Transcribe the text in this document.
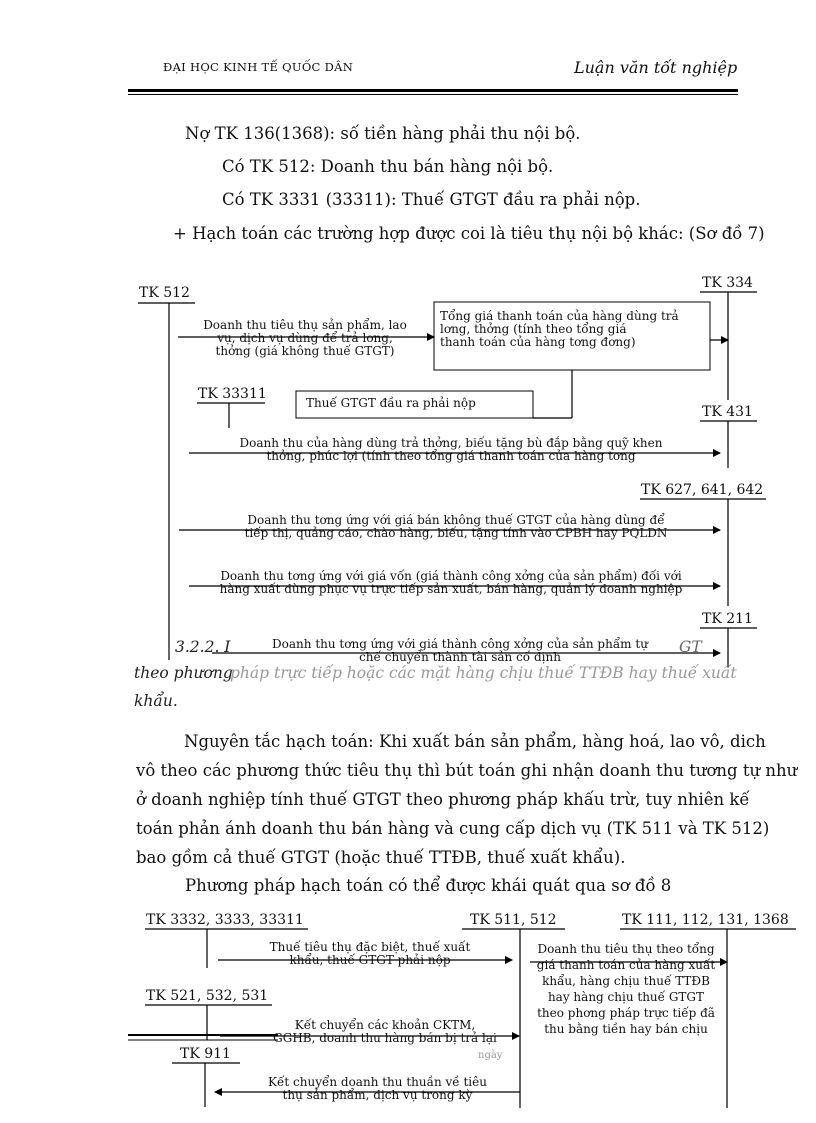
ĐẠI HỌC KINH TẾ QUỐC DÂN	Luận văn tốt nghiệp
Nợ TK 136(1368): số tiền hàng phải thu nội bộ.
Có TK 512: Doanh thu bán hàng nội bộ.
Có TK 3331 (33311): Thuế GTGT đầu ra phải nộp.
+ Hạch toán các trường hợp được coi là tiêu thụ nội bộ khác: (Sơ đồ 7)
TK 512
TK 334
TK 33311
TK 431
TK 627, 641, 642
TK 211
Doanh thu tiêu thụ sản phẩm, lao
vụ, dịch vụ dùng để trả lơng,
thởng (giá không thuế GTGT)
Tổng giá thanh toán của hàng dùng trả
lơng, thởng (tính theo tổng giá
thanh toán của hàng tơng đơng)
Thuế GTGT đầu ra phải nộp
Doanh thu của hàng dùng trả thởng, biếu tặng bù đắp bằng quỹ khen
thởng, phúc lợi (tính theo tổng giá thanh toán của hàng tơng
Doanh thu tơng ứng với giá bán không thuế GTGT của hàng dùng để
tiếp thị, quảng cáo, chào hàng, biếu, tặng tính vào CPBH hay PQLDN
Doanh thu tơng ứng với giá vốn (giá thành công xởng của sản phẩm) đối với
hàng xuất dùng phục vụ trực tiếp sản xuất, bán hàng, quản lý doanh nghiệp
Doanh thu tơng ứng với giá thành công xởng của sản phẩm tự
chế chuyển thành tài sản cố định
3.2.2. I	GT
theo phương
pháp trực tiếp hoặc các mặt hàng chịu thuế TTĐB hay thuế xuất
khẩu.
Nguyên tắc hạch toán: Khi xuất bán sản phẩm, hàng hoá, lao vô, dich
vô theo các phương thức tiêu thụ thì bút toán ghi nhận doanh thu tương tự như
ở doanh nghiệp tính thuế GTGT theo phương pháp khấu trừ, tuy nhiên kế
toán phản ánh doanh thu bán hàng và cung cấp dịch vụ (TK 511 và TK 512)
bao gồm cả thuế GTGT (hoặc thuế TTĐB, thuế xuất khẩu).
Phương pháp hạch toán có thể được khái quát qua sơ đồ 8
TK 3332, 3333, 33311	TK 511, 512	TK 111, 112, 131, 1368
TK 521, 532, 531
TK 911
Thuế tiêu thụ đặc biệt, thuế xuất
khẩu, thuế GTGT phải nộp
Kết chuyển các khoản CKTM,
GGHB, doanh thu hàng bán bị trả lại
Kết chuyển doanh thu thuần về tiêu
thụ sản phẩm, dịch vụ trong kỳ
Doanh thu tiêu thụ theo tổng
giá thanh toán của hàng xuất
khẩu, hàng chịu thuế TTĐB
hay hàng chịu thuế GTGT
theo phơng pháp trực tiếp đã
thu bằng tiền hay bán chịu
ngày
